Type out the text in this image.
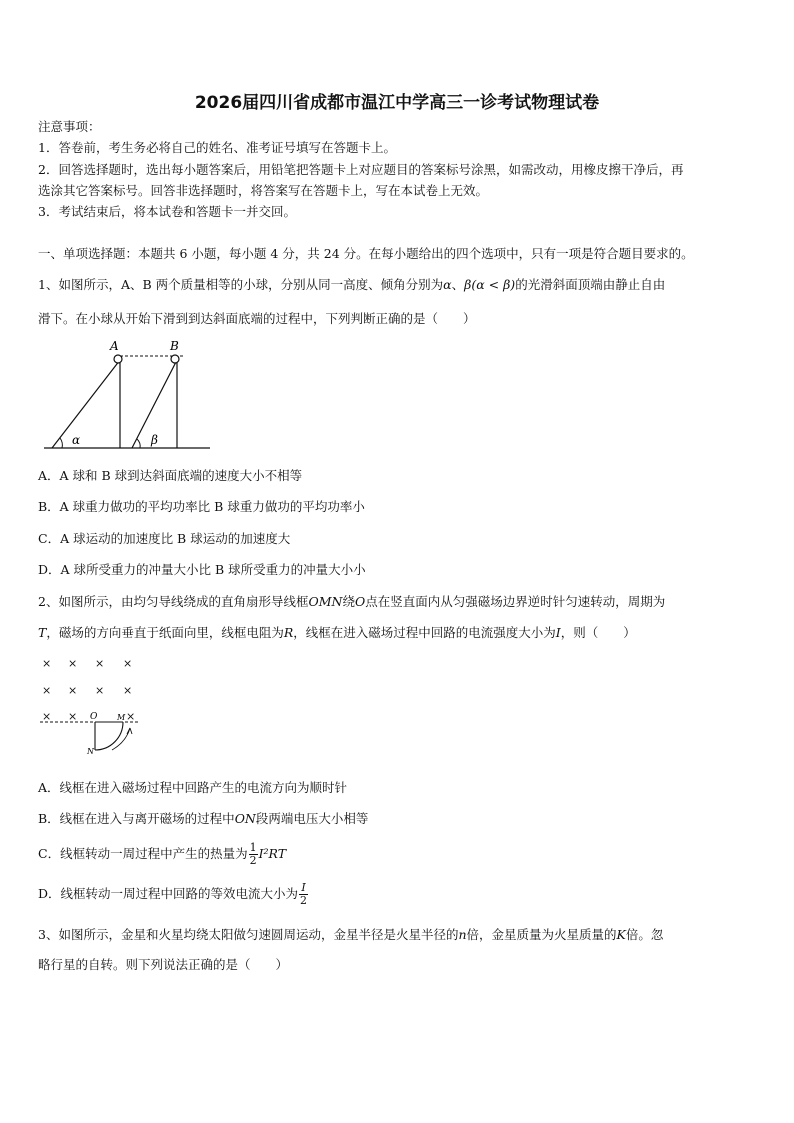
2026届四川省成都市温江中学高三一诊考试物理试卷
注意事项：
1．答卷前，考生务必将自己的姓名、准考证号填写在答题卡上。
2．回答选择题时，选出每小题答案后，用铅笔把答题卡上对应题目的答案标号涂黑，如需改动，用橡皮擦干净后，再
选涂其它答案标号。回答非选择题时，将答案写在答题卡上，写在本试卷上无效。
3．考试结束后，将本试卷和答题卡一并交回。
一、单项选择题：本题共 6 小题，每小题 4 分，共 24 分。在每小题给出的四个选项中，只有一项是符合题目要求的。
1、如图所示，A、B 两个质量相等的小球，分别从同一高度、倾角分别为α、β(α < β)的光滑斜面顶端由静止自由
滑下。在小球从开始下滑到到达斜面底端的过程中，下列判断正确的是（　　）
A	B
α	β
A．A 球和 B 球到达斜面底端的速度大小不相等
B．A 球重力做功的平均功率比 B 球重力做功的平均功率小
C．A 球运动的加速度比 B 球运动的加速度大
D．A 球所受重力的冲量大小比 B 球所受重力的冲量大小小
2、如图所示，由均匀导线绕成的直角扇形导线框OMN绕O点在竖直面内从匀强磁场边界逆时针匀速转动，周期为
T，磁场的方向垂直于纸面向里，线框电阻为R，线框在进入磁场过程中回路的电流强度大小为I，则（　　）
× × × ×
× × × ×
× ×	×
O M
N
A．线框在进入磁场过程中回路产生的电流方向为顺时针
B．线框在进入与离开磁场的过程中ON段两端电压大小相等
C．线框转动一周过程中产生的热量为 $\frac{1}{2} I^2RT$
D．线框转动一周过程中回路的等效电流大小为 $\frac{I}{2}$
3、如图所示，金星和火星均绕太阳做匀速圆周运动，金星半径是火星半径的n倍，金星质量为火星质量的K倍。忽
略行星的自转。则下列说法正确的是（　　）
